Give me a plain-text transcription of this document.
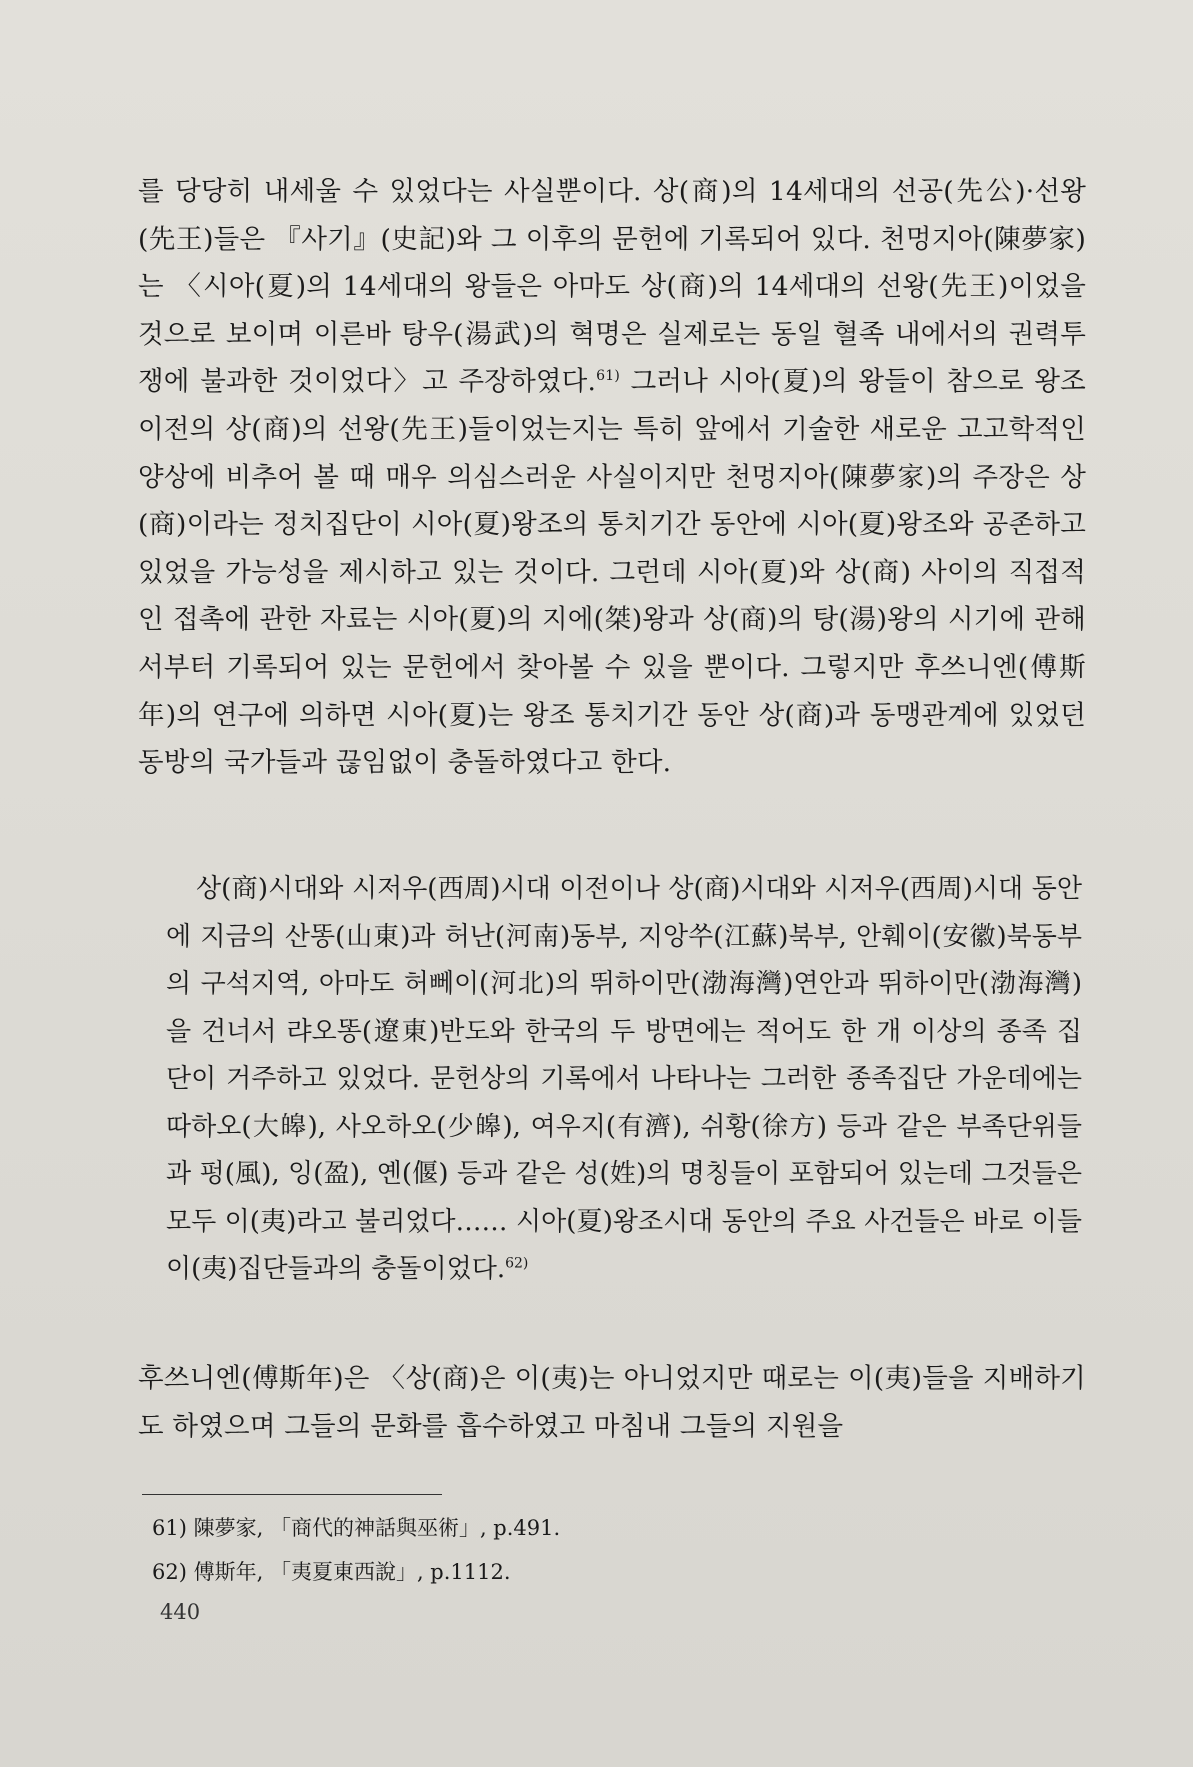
를 당당히 내세울 수 있었다는 사실뿐이다. 상(商)의 14세대의 선공(先公)·선왕(先王)들은 『사기』(史記)와 그 이후의 문헌에 기록되어 있다. 천멍지아(陳夢家)는 〈시아(夏)의 14세대의 왕들은 아마도 상(商)의 14세대의 선왕(先王)이었을 것으로 보이며 이른바 탕우(湯武)의 혁명은 실제로는 동일 혈족 내에서의 권력투쟁에 불과한 것이었다〉고 주장하였다.$^{61)}$ 그러나 시아(夏)의 왕들이 참으로 왕조 이전의 상(商)의 선왕(先王)들이었는지는 특히 앞에서 기술한 새로운 고고학적인 양상에 비추어 볼 때 매우 의심스러운 사실이지만 천멍지아(陳夢家)의 주장은 상(商)이라는 정치집단이 시아(夏)왕조의 통치기간 동안에 시아(夏)왕조와 공존하고 있었을 가능성을 제시하고 있는 것이다. 그런데 시아(夏)와 상(商) 사이의 직접적인 접촉에 관한 자료는 시아(夏)의 지에(桀)왕과 상(商)의 탕(湯)왕의 시기에 관해서부터 기록되어 있는 문헌에서 찾아볼 수 있을 뿐이다. 그렇지만 후쓰니엔(傅斯年)의 연구에 의하면 시아(夏)는 왕조 통치기간 동안 상(商)과 동맹관계에 있었던 동방의 국가들과 끊임없이 충돌하였다고 한다.

상(商)시대와 시저우(西周)시대 이전이나 상(商)시대와 시저우(西周)시대 동안에 지금의 산똥(山東)과 허난(河南)동부, 지앙쑤(江蘇)북부, 안훼이(安徽)북동부의 구석지역, 아마도 허뻬이(河北)의 뛰하이만(渤海灣)연안과 뛰하이만(渤海灣)을 건너서 랴오똥(遼東)반도와 한국의 두 방면에는 적어도 한 개 이상의 종족 집단이 거주하고 있었다. 문헌상의 기록에서 나타나는 그러한 종족집단 가운데에는 따하오(大皞), 사오하오(少皞), 여우지(有濟), 쉬황(徐方) 등과 같은 부족단위들과 펑(風), 잉(盈), 옌(偃) 등과 같은 성(姓)의 명칭들이 포함되어 있는데 그것들은 모두 이(夷)라고 불리었다…… 시아(夏)왕조시대 동안의 주요 사건들은 바로 이들 이(夷)집단들과의 충돌이었다.$^{62)}$

후쓰니엔(傅斯年)은 〈상(商)은 이(夷)는 아니었지만 때로는 이(夷)들을 지배하기도 하였으며 그들의 문화를 흡수하였고 마침내 그들의 지원을

61) 陳夢家, 「商代的神話與巫術」, p.491.
62) 傅斯年, 「夷夏東西說」, p.1112.
440
